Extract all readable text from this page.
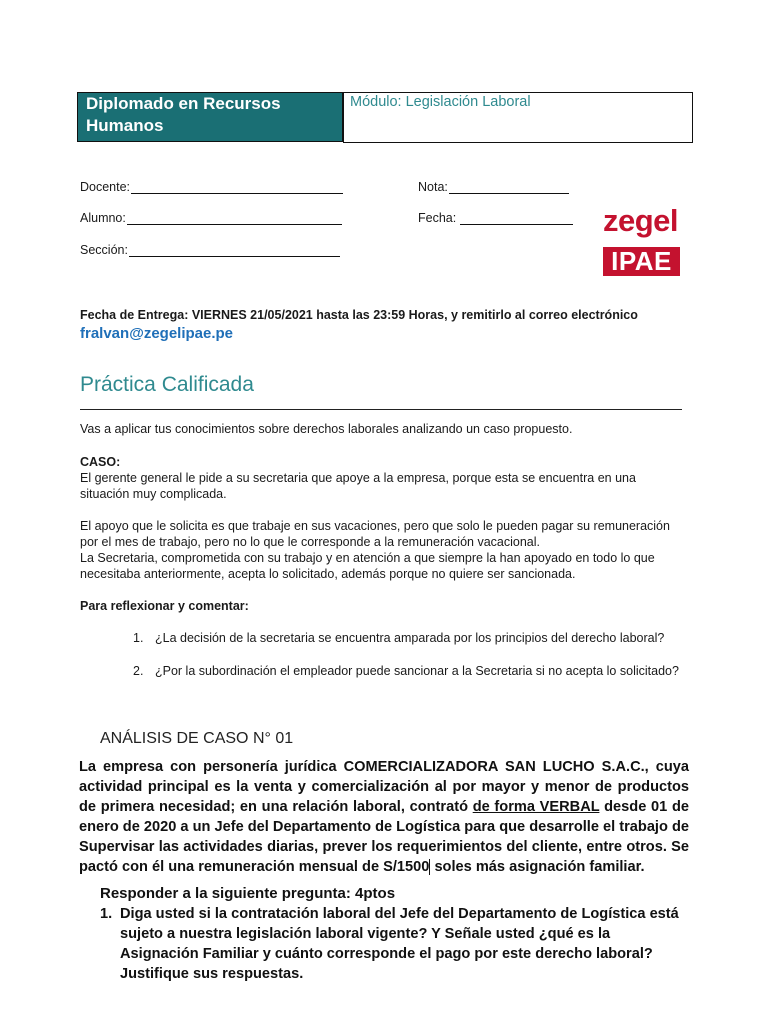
Diplomado en Recursos Humanos
Módulo: Legislación Laboral
Docente:
Alumno:
Sección:
Nota:
Fecha:	zegel
IPAE
Fecha de Entrega: VIERNES 21/05/2021 hasta las 23:59 Horas, y remitirlo al correo electrónico
fralvan@zegelipae.pe
Práctica Calificada
Vas a aplicar tus conocimientos sobre derechos laborales analizando un caso propuesto.
CASO:
El gerente general le pide a su secretaria que apoye a la empresa, porque esta se encuentra en una situación muy complicada.
El apoyo que le solicita es que trabaje en sus vacaciones, pero que solo le pueden pagar su remuneración por el mes de trabajo, pero no lo que le corresponde a la remuneración vacacional.
La Secretaria, comprometida con su trabajo y en atención a que siempre la han apoyado en todo lo que necesitaba anteriormente, acepta lo solicitado, además porque no quiere ser sancionada.
Para reflexionar y comentar:
1. ¿La decisión de la secretaria se encuentra amparada por los principios del derecho laboral?
2. ¿Por la subordinación el empleador puede sancionar a la Secretaria si no acepta lo solicitado?
ANÁLISIS DE CASO N° 01
La empresa con personería jurídica COMERCIALIZADORA SAN LUCHO S.A.C., cuya actividad principal es la venta y comercialización al por mayor y menor de productos de primera necesidad; en una relación laboral, contrató de forma VERBAL desde 01 de enero de 2020 a un Jefe del Departamento de Logística para que desarrolle el trabajo de Supervisar las actividades diarias, prever los requerimientos del cliente, entre otros. Se pactó con él una remuneración mensual de S/1500 soles más asignación familiar.
Responder a la siguiente pregunta: 4ptos
1. Diga usted si la contratación laboral del Jefe del Departamento de Logística está sujeto a nuestra legislación laboral vigente? Y Señale usted ¿qué es la Asignación Familiar y cuánto corresponde el pago por este derecho laboral? Justifique sus respuestas.
